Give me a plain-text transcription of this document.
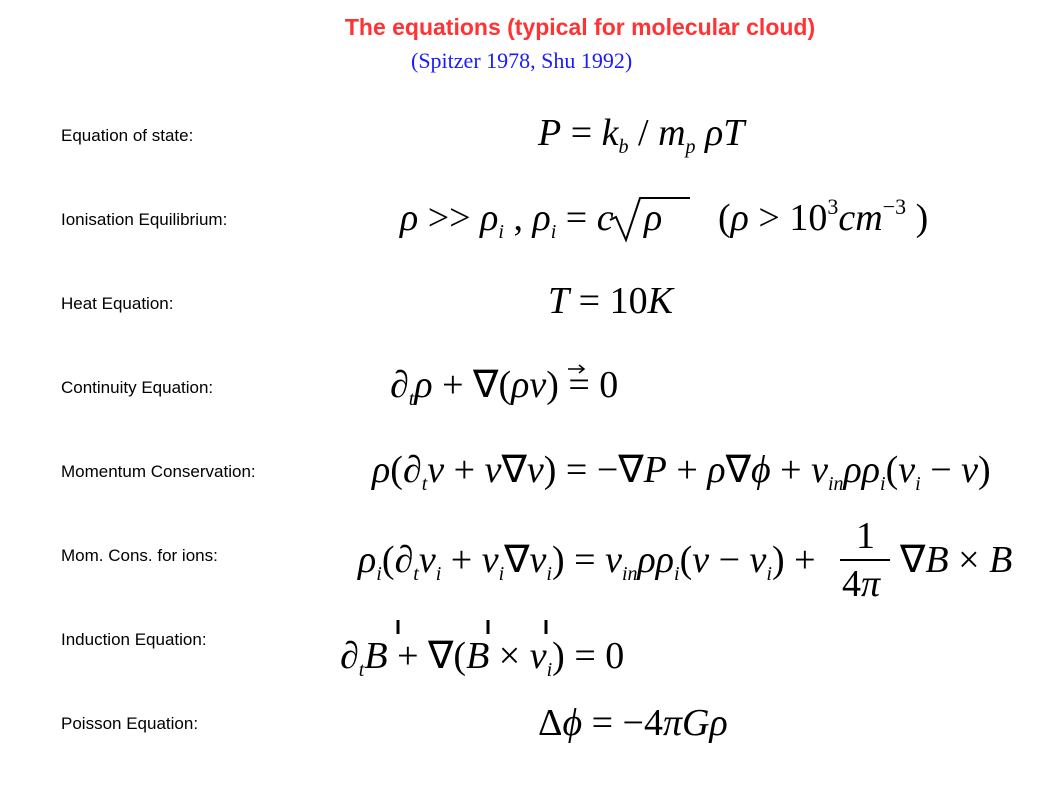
The equations (typical for molecular cloud)
(Spitzer 1978, Shu 1992)
Equation of state:
Ionisation Equilibrium:
Heat Equation:
Continuity Equation:
Momentum Conservation:
Mom. Cons. for ions:
Induction Equation:
Poisson Equation:
$P = k_b / m_p$ ρT
$\rho >> \rho_i$ , $\rho_i = c$ ρ ($\rho > 10^3cm^{-3}$ )
T = 10K
$\partial_t\rho + \nabla(\rho v) = 0$
$\rho(\partial_tv + v\nabla v) = -\nabla P + \rho\nabla\phi + \nu_{in}\rho\rho_i(v_i - v)$
$\rho_i(\partial_tv_i + v_i\nabla v_i) = \nu_{in}\rho\rho_i(v - v_i)$ +
1
4π
∇B × B
$\partial_tB + \nabla(B \times v_i) = 0$
Δϕ = −4πGρ
